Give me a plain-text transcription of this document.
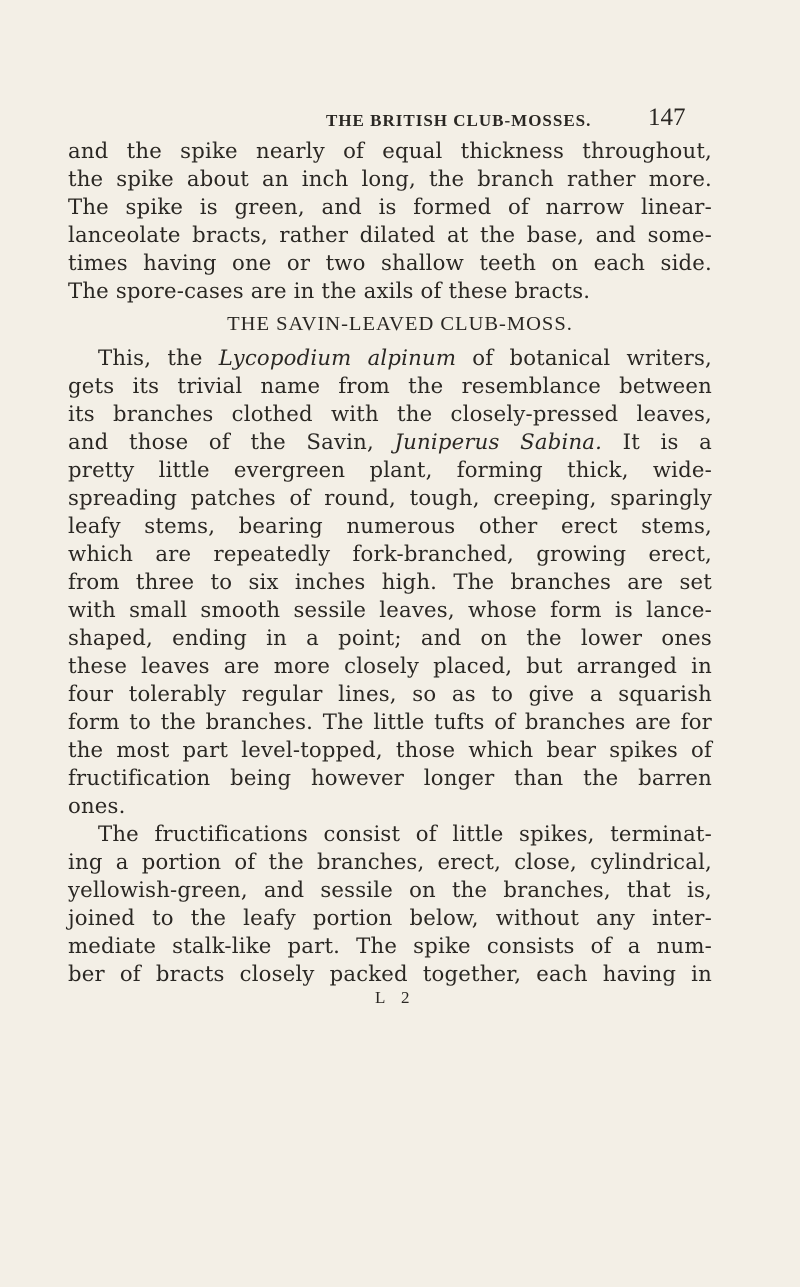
THE BRITISH CLUB-MOSSES. 147
and the spike nearly of equal thickness throughout,
the spike about an inch long, the branch rather more.
The spike is green, and is formed of narrow linear-
lanceolate bracts, rather dilated at the base, and some-
times having one or two shallow teeth on each side.
The spore-cases are in the axils of these bracts.
THE SAVIN-LEAVED CLUB-MOSS.
This, the Lycopodium alpinum of botanical writers,
gets its trivial name from the resemblance between
its branches clothed with the closely-pressed leaves,
and those of the Savin, Juniperus Sabina. It is a
pretty little evergreen plant, forming thick, wide-
spreading patches of round, tough, creeping, sparingly
leafy stems, bearing numerous other erect stems,
which are repeatedly fork-branched, growing erect,
from three to six inches high. The branches are set
with small smooth sessile leaves, whose form is lance-
shaped, ending in a point; and on the lower ones
these leaves are more closely placed, but arranged in
four tolerably regular lines, so as to give a squarish
form to the branches. The little tufts of branches are for
the most part level-topped, those which bear spikes of
fructification being however longer than the barren
ones.
The fructifications consist of little spikes, terminat-
ing a portion of the branches, erect, close, cylindrical,
yellowish-green, and sessile on the branches, that is,
joined to the leafy portion below, without any inter-
mediate stalk-like part. The spike consists of a num-
ber of bracts closely packed together, each having in
L 2
